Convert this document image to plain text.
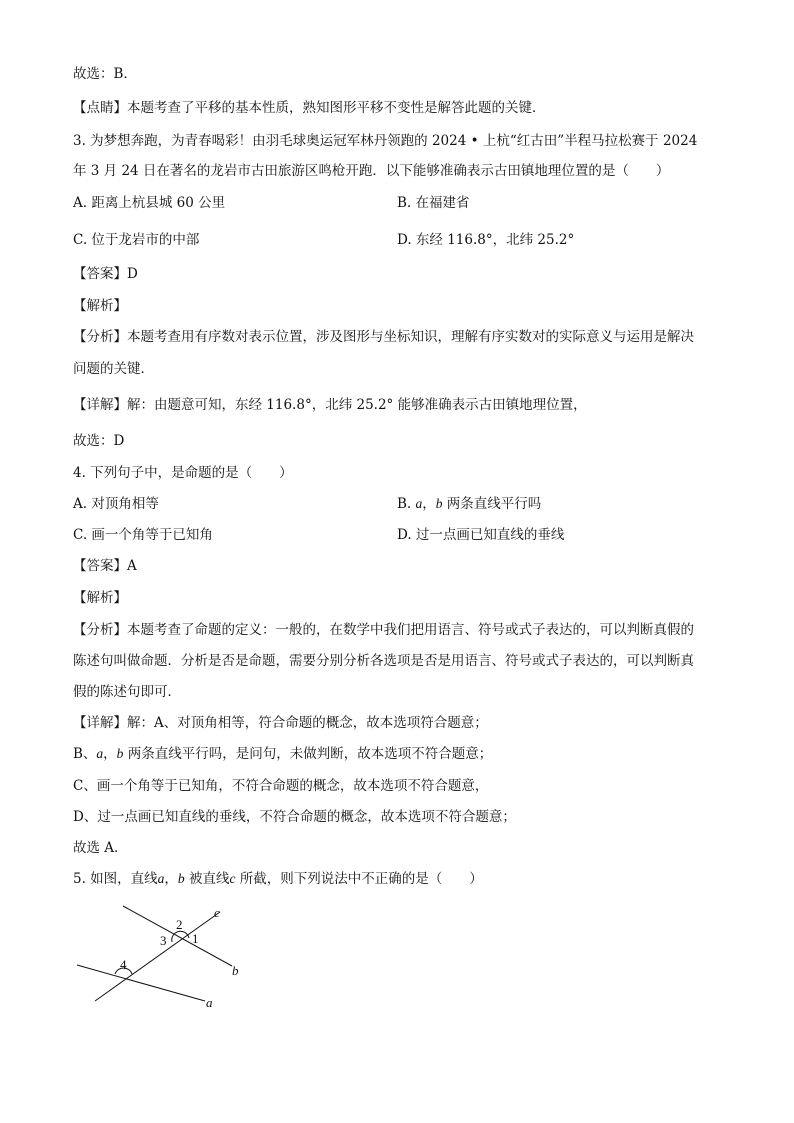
故选：B．
【点睛】本题考查了平移的基本性质，熟知图形平移不变性是解答此题的关键．
3. 为梦想奔跑，为青春喝彩！由羽毛球奥运冠军林丹领跑的 2024 • 上杭“红古田”半程马拉松赛于 2024
年 3 月 24 日在著名的龙岩市古田旅游区鸣枪开跑．以下能够准确表示古田镇地理位置的是（　　）
A. 距离上杭县城 60 公里	B. 在福建省
C. 位于龙岩市的中部	D. 东经 116.8°，北纬 25.2°
【答案】D
【解析】
【分析】本题考查用有序数对表示位置，涉及图形与坐标知识，理解有序实数对的实际意义与运用是解决
问题的关键．
【详解】解：由题意可知，东经 116.8°，北纬 25.2° 能够准确表示古田镇地理位置，
故选：D
4. 下列句子中，是命题的是（　　）
A. 对顶角相等	B. a，b 两条直线平行吗
C. 画一个角等于已知角	D. 过一点画已知直线的垂线
【答案】A
【解析】
【分析】本题考查了命题的定义：一般的，在数学中我们把用语言、符号或式子表达的，可以判断真假的
陈述句叫做命题．分析是否是命题，需要分别分析各选项是否是用语言、符号或式子表达的，可以判断真
假的陈述句即可．
【详解】解：A、对顶角相等，符合命题的概念，故本选项符合题意；
B、a，b 两条直线平行吗，是问句，未做判断，故本选项不符合题意；
C、画一个角等于已知角，不符合命题的概念，故本选项不符合题意，
D、过一点画已知直线的垂线，不符合命题的概念，故本选项不符合题意；
故选 A．
5. 如图，直线a，b 被直线c 所截，则下列说法中不正确的是（　　）
c
b
a
1
2
3
4
